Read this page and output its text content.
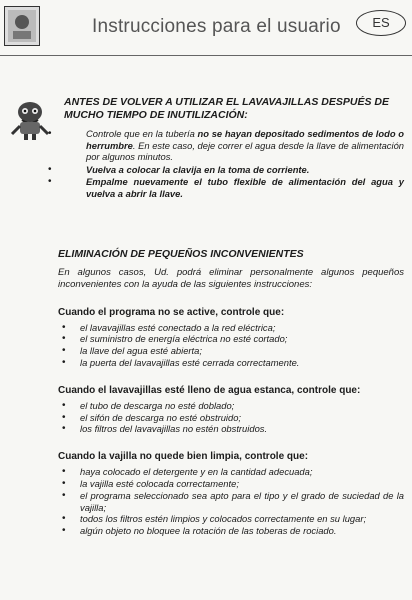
Instrucciones para el usuario	ES

ANTES DE VOLVER A UTILIZAR EL LAVAVAJILLAS DESPUÉS DE MUCHO TIEMPO DE INUTILIZACIÓN:

•	Controle que en la tubería no se hayan depositado sedimentos de lodo o herrumbre. En este caso, deje correr el agua desde la llave de alimentación por algunos minutos.
•	Vuelva a colocar la clavija en la toma de corriente.
•	Empalme nuevamente el tubo flexible de alimentación del agua y vuelva a abrir la llave.

ELIMINACIÓN DE PEQUEÑOS INCONVENIENTES

En algunos casos, Ud. podrá eliminar personalmente algunos pequeños inconvenientes con la ayuda de las siguientes instrucciones:

Cuando el programa no se active, controle que:
• el lavavajillas esté conectado a la red eléctrica;
• el suministro de energía eléctrica no esté cortado;
• la llave del agua esté abierta;
• la puerta del lavavajillas esté cerrada correctamente.
Cuando el lavavajillas esté lleno de agua estanca, controle que:
• el tubo de descarga no esté doblado;
• el sifón de descarga no esté obstruido;
• los filtros del lavavajillas no estén obstruidos.
Cuando la vajilla no quede bien limpia, controle que:
• haya colocado el detergente y en la cantidad adecuada;
• la vajilla esté colocada correctamente;
• el programa seleccionado sea apto para el tipo y el grado de suciedad de la vajilla;
• todos los filtros estén limpios y colocados correctamente en su lugar;
• algún objeto no bloquee la rotación de las toberas de rociado.
